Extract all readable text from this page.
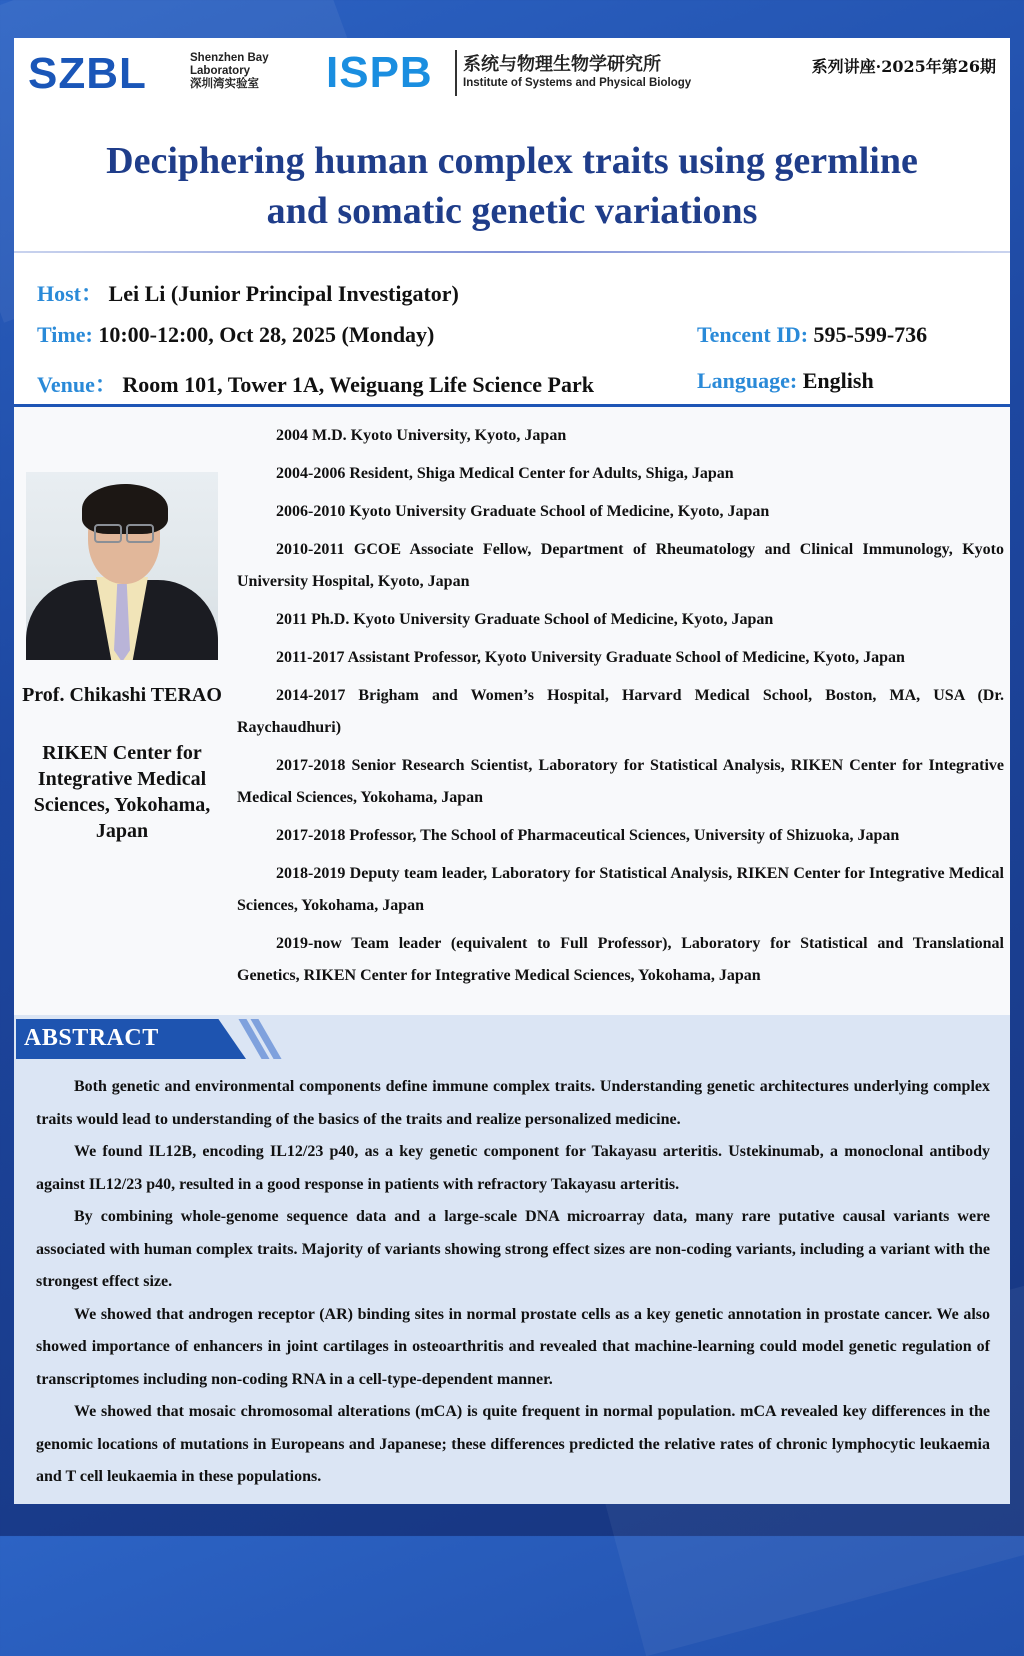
SZBL	Shenzhen Bay
Laboratory
深圳湾实验室 ISPB 系统与物理生物学研究所
Institute of Systems and Physical Biology
系列讲座·2025年第26期
Deciphering human complex traits using germline
and somatic genetic variations
Host： Lei Li (Junior Principal Investigator)
Time: 10:00-12:00, Oct 28, 2025 (Monday)	Tencent ID: 595-599-736
Venue： Room 101, Tower 1A, Weiguang Life Science Park	Language: English
Prof. Chikashi TERAO
RIKEN Center for Integrative Medical Sciences, Yokohama, Japan
2004 M.D. Kyoto University, Kyoto, Japan
2004-2006 Resident, Shiga Medical Center for Adults, Shiga, Japan
2006-2010 Kyoto University Graduate School of Medicine, Kyoto, Japan
2010-2011 GCOE Associate Fellow, Department of Rheumatology and Clinical Immunology, Kyoto University Hospital, Kyoto, Japan
2011 Ph.D. Kyoto University Graduate School of Medicine, Kyoto, Japan
2011-2017 Assistant Professor, Kyoto University Graduate School of Medicine, Kyoto, Japan
2014-2017 Brigham and Women’s Hospital, Harvard Medical School, Boston, MA, USA (Dr. Raychaudhuri)
2017-2018 Senior Research Scientist, Laboratory for Statistical Analysis, RIKEN Center for Integrative Medical Sciences, Yokohama, Japan
2017-2018 Professor, The School of Pharmaceutical Sciences, University of Shizuoka, Japan
2018-2019 Deputy team leader, Laboratory for Statistical Analysis, RIKEN Center for Integrative Medical Sciences, Yokohama, Japan
2019-now Team leader (equivalent to Full Professor), Laboratory for Statistical and Translational Genetics, RIKEN Center for Integrative Medical Sciences, Yokohama, Japan
ABSTRACT

Both genetic and environmental components define immune complex traits. Understanding genetic architectures underlying complex traits would lead to understanding of the basics of the traits and realize personalized medicine.

We found IL12B, encoding IL12/23 p40, as a key genetic component for Takayasu arteritis. Ustekinumab, a monoclonal antibody against IL12/23 p40, resulted in a good response in patients with refractory Takayasu arteritis.

By combining whole-genome sequence data and a large-scale DNA microarray data, many rare putative causal variants were associated with human complex traits. Majority of variants showing strong effect sizes are non-coding variants, including a variant with the strongest effect size.

We showed that androgen receptor (AR) binding sites in normal prostate cells as a key genetic annotation in prostate cancer. We also showed importance of enhancers in joint cartilages in osteoarthritis and revealed that machine-learning could model genetic regulation of transcriptomes including non-coding RNA in a cell-type-dependent manner.

We showed that mosaic chromosomal alterations (mCA) is quite frequent in normal population. mCA revealed key differences in the genomic locations of mutations in Europeans and Japanese; these differences predicted the relative rates of chronic lymphocytic leukaemia and T cell leukaemia in these populations.
